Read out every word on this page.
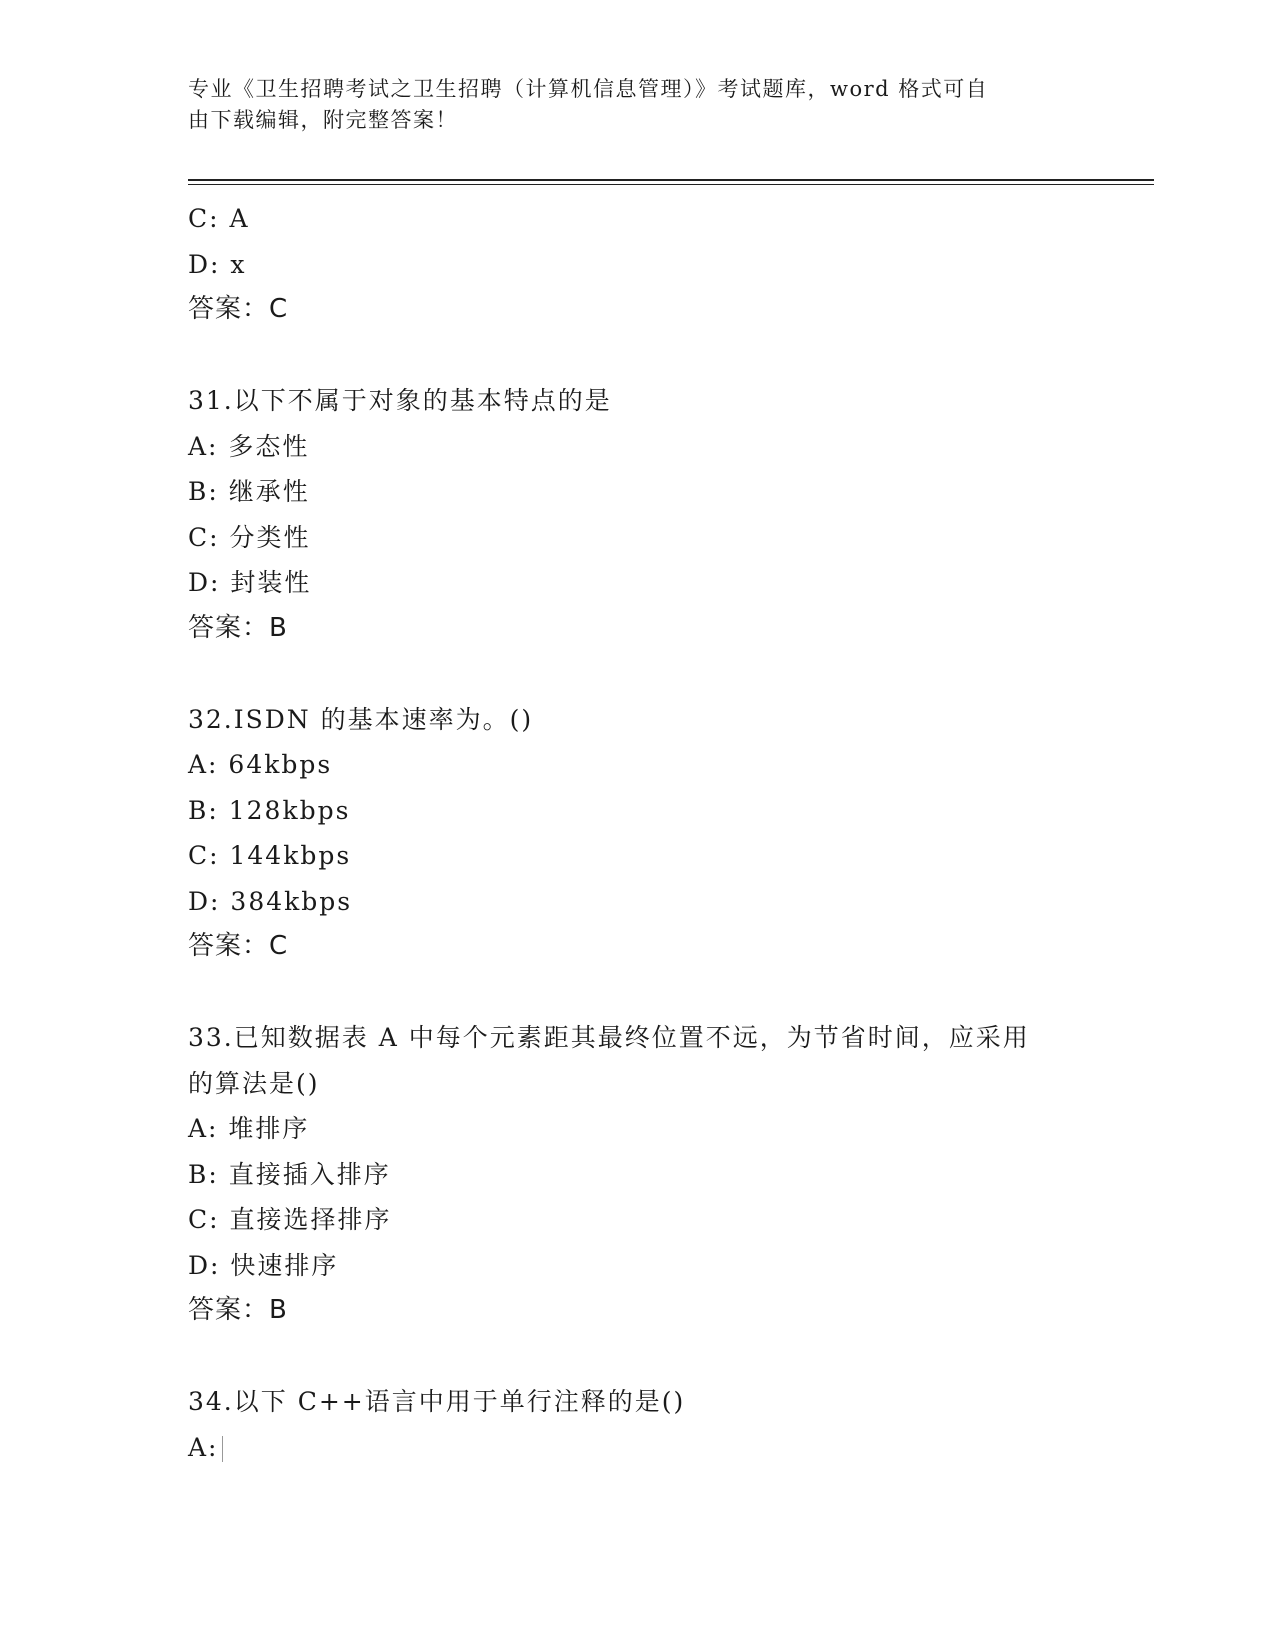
专业《卫生招聘考试之卫生招聘（计算机信息管理）》考试题库，word 格式可自
由下载编辑，附完整答案！
C: A
D: x
答案：C
31.以下不属于对象的基本特点的是
A: 多态性
B: 继承性
C: 分类性
D: 封装性
答案：B
32.ISDN 的基本速率为。()
A: 64kbps
B: 128kbps
C: 144kbps
D: 384kbps
答案：C
33.已知数据表 A 中每个元素距其最终位置不远，为节省时间，应采用
的算法是()
A: 堆排序
B: 直接插入排序
C: 直接选择排序
D: 快速排序
答案：B
34.以下 C++语言中用于单行注释的是()
A:
